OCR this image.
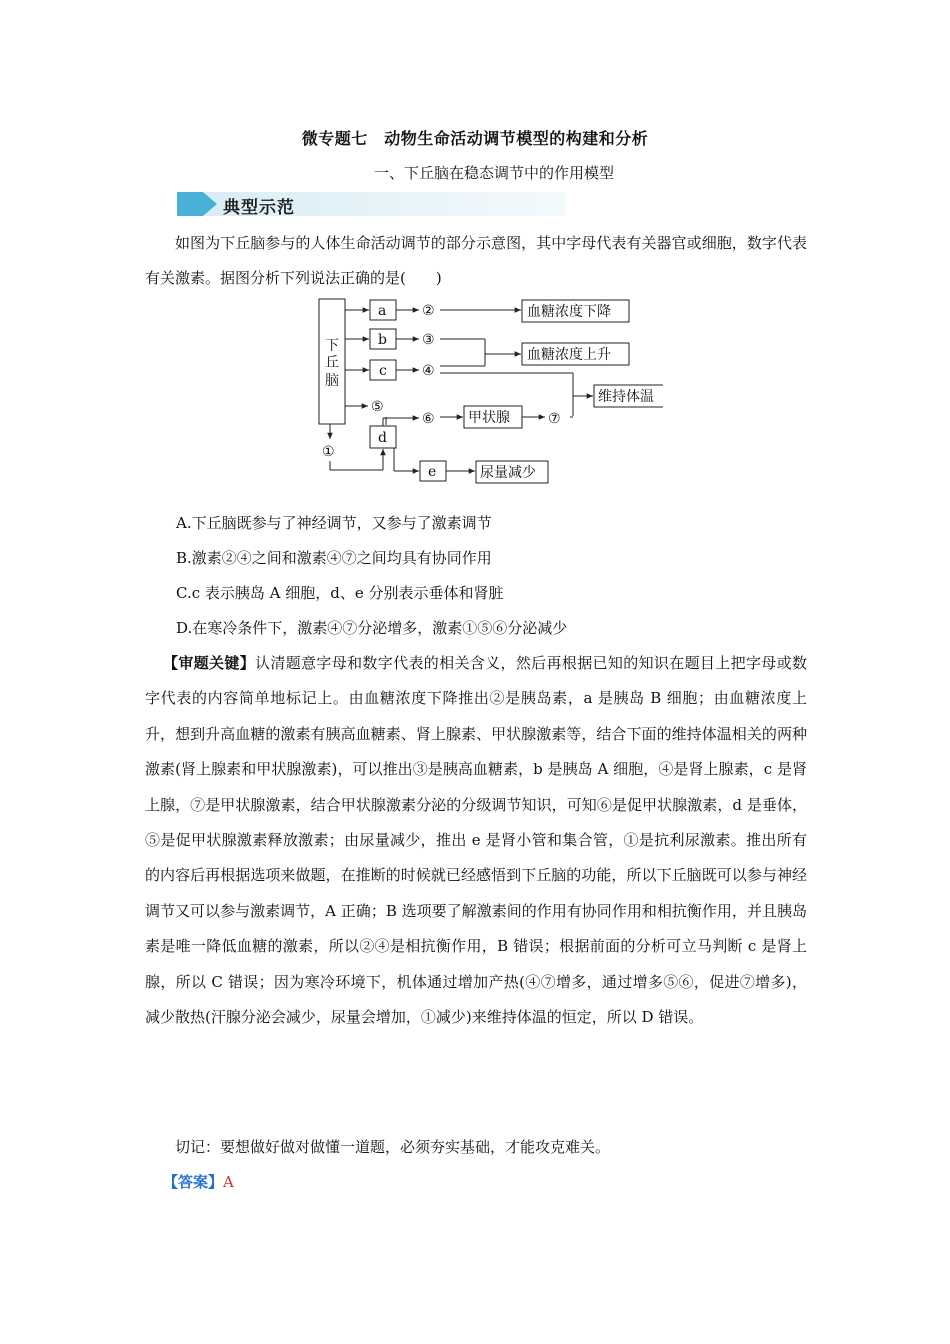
微专题七　动物生命活动调节模型的构建和分析
一、下丘脑在稳态调节中的作用模型
典型示范
如图为下丘脑参与的人体生命活动调节的部分示意图，其中字母代表有关器官或细胞，数字代表有关激素。据图分析下列说法正确的是(　　)
下
丘
脑
a
b
c
d
e
甲状腺
②
③
④
⑤
⑥	⑦
①
血糖浓度下降
血糖浓度上升
维持体温
尿量减少
A.下丘脑既参与了神经调节，又参与了激素调节
B.激素②④之间和激素④⑦之间均具有协同作用
C.c 表示胰岛 A 细胞，d、e 分别表示垂体和肾脏
D.在寒冷条件下，激素④⑦分泌增多，激素①⑤⑥分泌减少
【审题关键】认清题意字母和数字代表的相关含义，然后再根据已知的知识在题目上把字母或数字代表的内容简单地标记上。由血糖浓度下降推出②是胰岛素，a 是胰岛 B 细胞；由血糖浓度上升，想到升高血糖的激素有胰高血糖素、肾上腺素、甲状腺激素等，结合下面的维持体温相关的两种激素(肾上腺素和甲状腺激素)，可以推出③是胰高血糖素，b 是胰岛 A 细胞，④是肾上腺素，c 是肾上腺，⑦是甲状腺激素，结合甲状腺激素分泌的分级调节知识，可知⑥是促甲状腺激素，d 是垂体，⑤是促甲状腺激素释放激素；由尿量减少，推出 e 是肾小管和集合管，①是抗利尿激素。推出所有的内容后再根据选项来做题，在推断的时候就已经感悟到下丘脑的功能，所以下丘脑既可以参与神经调节又可以参与激素调节，A 正确；B 选项要了解激素间的作用有协同作用和相抗衡作用，并且胰岛素是唯一降低血糖的激素，所以②④是相抗衡作用，B 错误；根据前面的分析可立马判断 c 是肾上腺，所以 C 错误；因为寒冷环境下，机体通过增加产热(④⑦增多，通过增多⑤⑥，促进⑦增多)，减少散热(汗腺分泌会减少，尿量会增加，①减少)来维持体温的恒定，所以 D 错误。
切记：要想做好做对做懂一道题，必须夯实基础，才能攻克难关。
【答案】A
